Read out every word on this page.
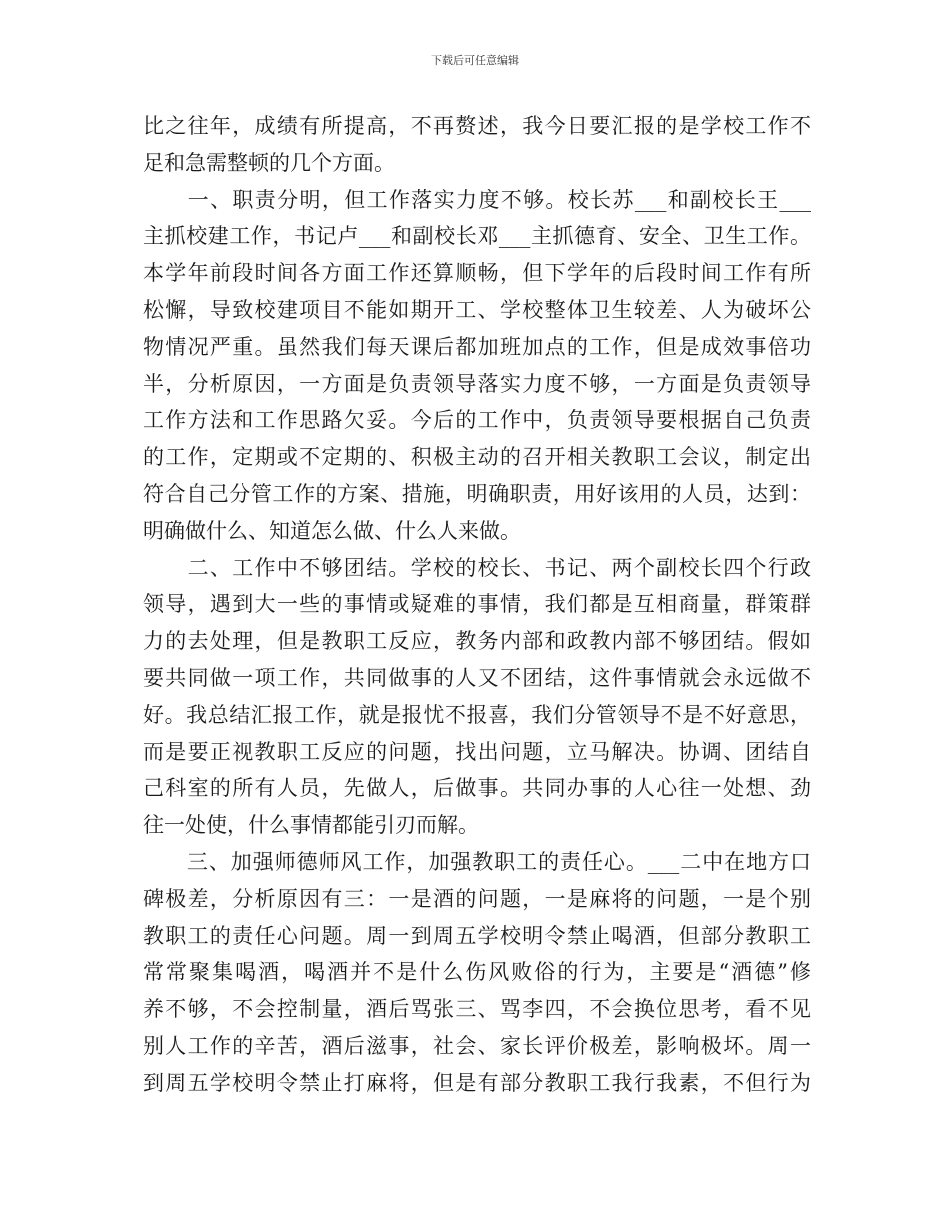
下载后可任意编辑
比之往年，成绩有所提高，不再赘述，我今日要汇报的是学校工作不
足和急需整顿的几个方面。
　　一、职责分明，但工作落实力度不够。校长苏___和副校长王___
主抓校建工作，书记卢___和副校长邓___主抓德育、安全、卫生工作。
本学年前段时间各方面工作还算顺畅，但下学年的后段时间工作有所
松懈，导致校建项目不能如期开工、学校整体卫生较差、人为破坏公
物情况严重。虽然我们每天课后都加班加点的工作，但是成效事倍功
半，分析原因，一方面是负责领导落实力度不够，一方面是负责领导
工作方法和工作思路欠妥。今后的工作中，负责领导要根据自己负责
的工作，定期或不定期的、积极主动的召开相关教职工会议，制定出
符合自己分管工作的方案、措施，明确职责，用好该用的人员，达到：
明确做什么、知道怎么做、什么人来做。
　　二、工作中不够团结。学校的校长、书记、两个副校长四个行政
领导，遇到大一些的事情或疑难的事情，我们都是互相商量，群策群
力的去处理，但是教职工反应，教务内部和政教内部不够团结。假如
要共同做一项工作，共同做事的人又不团结，这件事情就会永远做不
好。我总结汇报工作，就是报忧不报喜，我们分管领导不是不好意思，
而是要正视教职工反应的问题，找出问题，立马解决。协调、团结自
己科室的所有人员，先做人，后做事。共同办事的人心往一处想、劲
往一处使，什么事情都能引刃而解。
　　三、加强师德师风工作，加强教职工的责任心。___二中在地方口
碑极差，分析原因有三：一是酒的问题，一是麻将的问题，一是个别
教职工的责任心问题。周一到周五学校明令禁止喝酒，但部分教职工
常常聚集喝酒，喝酒并不是什么伤风败俗的行为，主要是“酒德”修
养不够，不会控制量，酒后骂张三、骂李四，不会换位思考，看不见
别人工作的辛苦，酒后滋事，社会、家长评价极差，影响极坏。周一
到周五学校明令禁止打麻将，但是有部分教职工我行我素，不但行为
